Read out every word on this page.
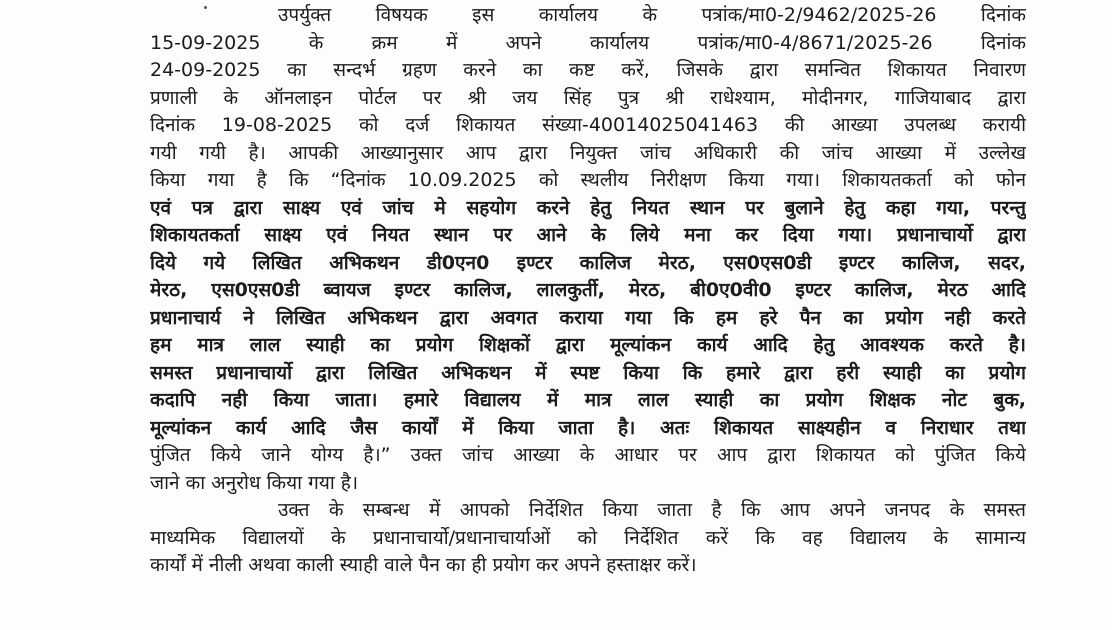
उपर्युक्त विषयक इस कार्यालय के पत्रांक/मा0-2/9462/2025-26 दिनांक
15-09-2025 के क्रम में अपने कार्यालय पत्रांक/मा0-4/8671/2025-26 दिनांक
24-09-2025 का सन्दर्भ ग्रहण करने का कष्ट करें, जिसके द्वारा समन्वित शिकायत निवारण
प्रणाली के ऑनलाइन पोर्टल पर श्री जय सिंह पुत्र श्री राधेश्याम, मोदीनगर, गाजियाबाद द्वारा
दिनांक 19-08-2025 को दर्ज शिकायत संख्या-40014025041463 की आख्या उपलब्ध करायी
गयी गयी है। आपकी आख्यानुसार आप द्वारा नियुक्त जांच अधिकारी की जांच आख्या में उल्लेख
किया गया है कि “दिनांक 10.09.2025 को स्थलीय निरीक्षण किया गया। शिकायतकर्ता को फोन
एवं पत्र द्वारा साक्ष्य एवं जांच मे सहयोग करने हेतु नियत स्थान पर बुलाने हेतु कहा गया, परन्तु
शिकायतकर्ता साक्ष्य एवं नियत स्थान पर आने के लिये मना कर दिया गया। प्रधानाचार्यो द्वारा
दिये गये लिखित अभिकथन डी0एन0 इण्टर कालिज मेरठ, एस0एस0डी इण्टर कालिज, सदर,
मेरठ, एस0एस0डी ब्वायज इण्टर कालिज, लालकुर्ती, मेरठ, बी0ए0वी0 इण्टर कालिज, मेरठ आदि
प्रधानाचार्य ने लिखित अभिकथन द्वारा अवगत कराया गया कि हम हरे पैन का प्रयोग नही करते
हम मात्र लाल स्याही का प्रयोग शिक्षकों द्वारा मूल्यांकन कार्य आदि हेतु आवश्यक करते है।
समस्त प्रधानाचार्यो द्वारा लिखित अभिकथन में स्पष्ट किया कि हमारे द्वारा हरी स्याही का प्रयोग
कदापि नही किया जाता। हमारे विद्यालय में मात्र लाल स्याही का प्रयोग शिक्षक नोट बुक,
मूल्यांकन कार्य आदि जैस कार्यों में किया जाता है। अतः शिकायत साक्ष्यहीन व निराधार तथा
पुंजित किये जाने योग्य है।” उक्त जांच आख्या के आधार पर आप द्वारा शिकायत को पुंजित किये
जाने का अनुरोध किया गया है।
उक्त के सम्बन्ध में आपको निर्देशित किया जाता है कि आप अपने जनपद के समस्त
माध्यमिक विद्यालयों के प्रधानाचार्यो/प्रधानाचार्याओं को निर्देशित करें कि वह विद्यालय के सामान्य
कार्यों में नीली अथवा काली स्याही वाले पैन का ही प्रयोग कर अपने हस्ताक्षर करें।
